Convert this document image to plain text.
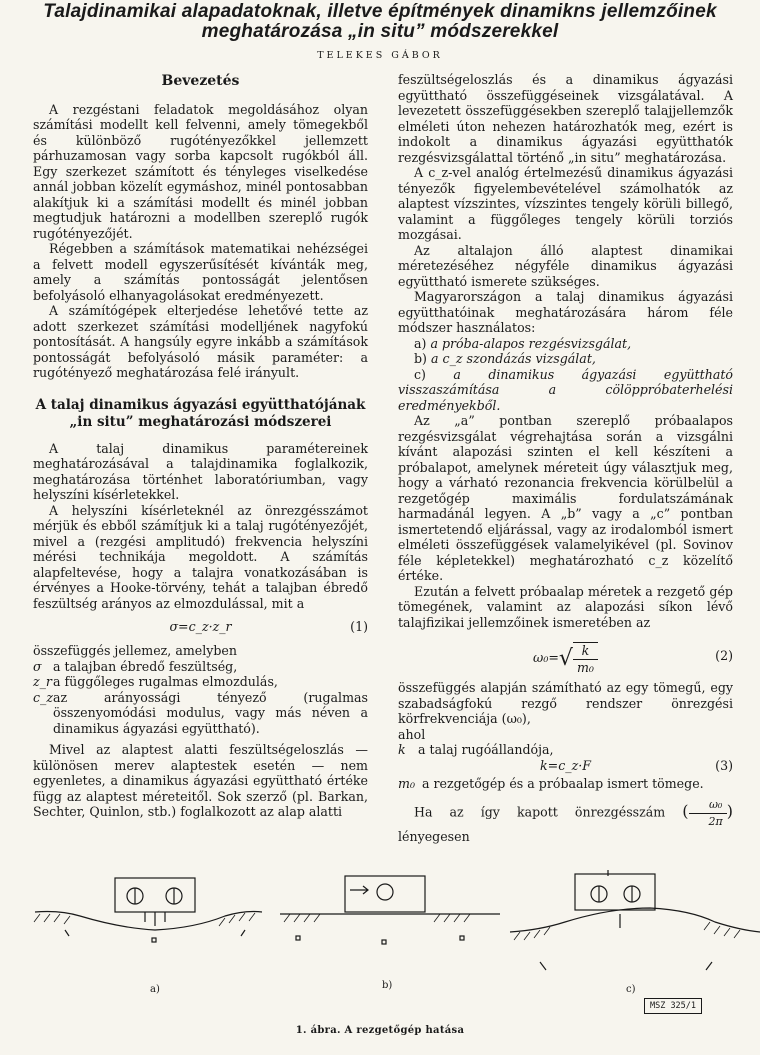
Talajdinamikai alapadatoknak, illetve építmények dinamikns jellemzőinek
meghatározása „in situ” módszerekkel
TELEKES GÁBOR
Bevezetés

A rezgéstani feladatok megoldásához olyan számítási modellt kell felvenni, amely tömegekből és különböző rugótényezőkkel jellemzett párhuzamosan vagy sorba kapcsolt rugókból áll. Egy szerkezet számított és tényleges viselkedése annál jobban közelít egymáshoz, minél pontosabban alakítjuk ki a számítási modellt és minél jobban megtudjuk határozni a modellben szereplő rugók rugótényezőjét.

Régebben a számítások matematikai nehézségei a felvett modell egyszerűsítését kívánták meg, amely a számítás pontosságát jelentősen befolyásoló elhanyagolásokat eredményezett.

A számítógépek elterjedése lehetővé tette az adott szerkezet számítási modelljének nagyfokú pontosítását. A hangsúly egyre inkább a számítások pontosságát befolyásoló másik paraméter: a rugótényező meghatározása felé irányult.

A talaj dinamikus ágyazási együtthatójának
„in situ” meghatározási módszerei

A talaj dinamikus paramétereinek meghatározásával a talajdinamika foglalkozik, meghatározása történhet laboratóriumban, vagy helyszíni kísérletekkel.

A helyszíni kísérleteknél az önrezgésszámot mérjük és ebből számítjuk ki a talaj rugótényezőjét, mivel a (rezgési amplitudó) frekvencia helyszíni mérési technikája megoldott. A számítás alapfeltevése, hogy a talajra vonatkozásában is érvényes a Hooke-törvény, tehát a talajban ébredő feszültség arányos az elmozdulással, mit a

σ=c_z·z_r	(1)

összefüggés jellemez, amelyben

σ a talajban ébredő feszültség,
z_r a függőleges rugalmas elmozdulás,
c_z az arányossági tényező (rugalmas összenyomódási modulus, vagy más néven a dinamikus ágyazási együttható).

Mivel az alaptest alatti feszültségeloszlás — különösen merev alaptestek esetén — nem egyenletes, a dinamikus ágyazási együttható értéke függ az alaptest méreteitől. Sok szerző (pl. Barkan, Sechter, Quinlon, stb.) foglalkozott az alap alatti

feszültségeloszlás és a dinamikus ágyazási együttható összefüggéseinek vizsgálatával. A levezetett összefüggésekben szereplő talajjellemzők elméleti úton nehezen határozhatók meg, ezért is indokolt a dinamikus ágyazási együtthatók rezgésvizsgálattal történő „in situ” meghatározása.

A c_z-vel analóg értelmezésű dinamikus ágyazási tényezők figyelembevételével számolhatók az alaptest vízszintes, vízszintes tengely körüli billegő, valamint a függőleges tengely körüli torziós mozgásai.

Az altalajon álló alaptest dinamikai méretezéséhez négyféle dinamikus ágyazási együttható ismerete szükséges.

Magyarországon a talaj dinamikus ágyazási együtthatóinak meghatározására három féle módszer használatos:

a) a próba-alapos rezgésvizsgálat,

b) a c_z szondázás vizsgálat,

c) a dinamikus ágyazási együttható visszaszámítása a cölöppróbaterhelési eredményekből.

Az „a” pontban szereplő próbaalapos rezgésvizsgálat végrehajtása során a vizsgálni kívánt alapozási szinten el kell készíteni a próbalapot, amelynek méreteit úgy választjuk meg, hogy a várható rezonancia frekvencia körülbelül a rezgetőgép maximális fordulatszámának harmadánál legyen. A „b” vagy a „c” pontban ismertetendő eljárással, vagy az irodalomból ismert elméleti összefüggések valamelyikével (pl. Sovinov féle képletekkel) meghatározható c_z közelítő értéke.

Ezután a felvett próbaalap méretek a rezgető gép tömegének, valamint az alapozási síkon lévő talajfizikai jellemzőinek ismeretében az

$\omega_0=√ \frac{k}{\text{m₀}}$	(2)

összefüggés alapján számítható az egy tömegű, egy szabadságfokú rezgő rendszer önrezgési körfrekvenciája (ω₀),

ahol

k a talaj rugóállandója,
k=c_z·F	(3)
m₀ a rezgetőgép és a próbaalap ismert tömege.

Ha az így kapott önrezgésszám ( $\frac{\text{ω₀}}{2\pi}$ ) lényegesen

a)	b)	c)
MSZ 325/1
1. ábra. A rezgetőgép hatása
